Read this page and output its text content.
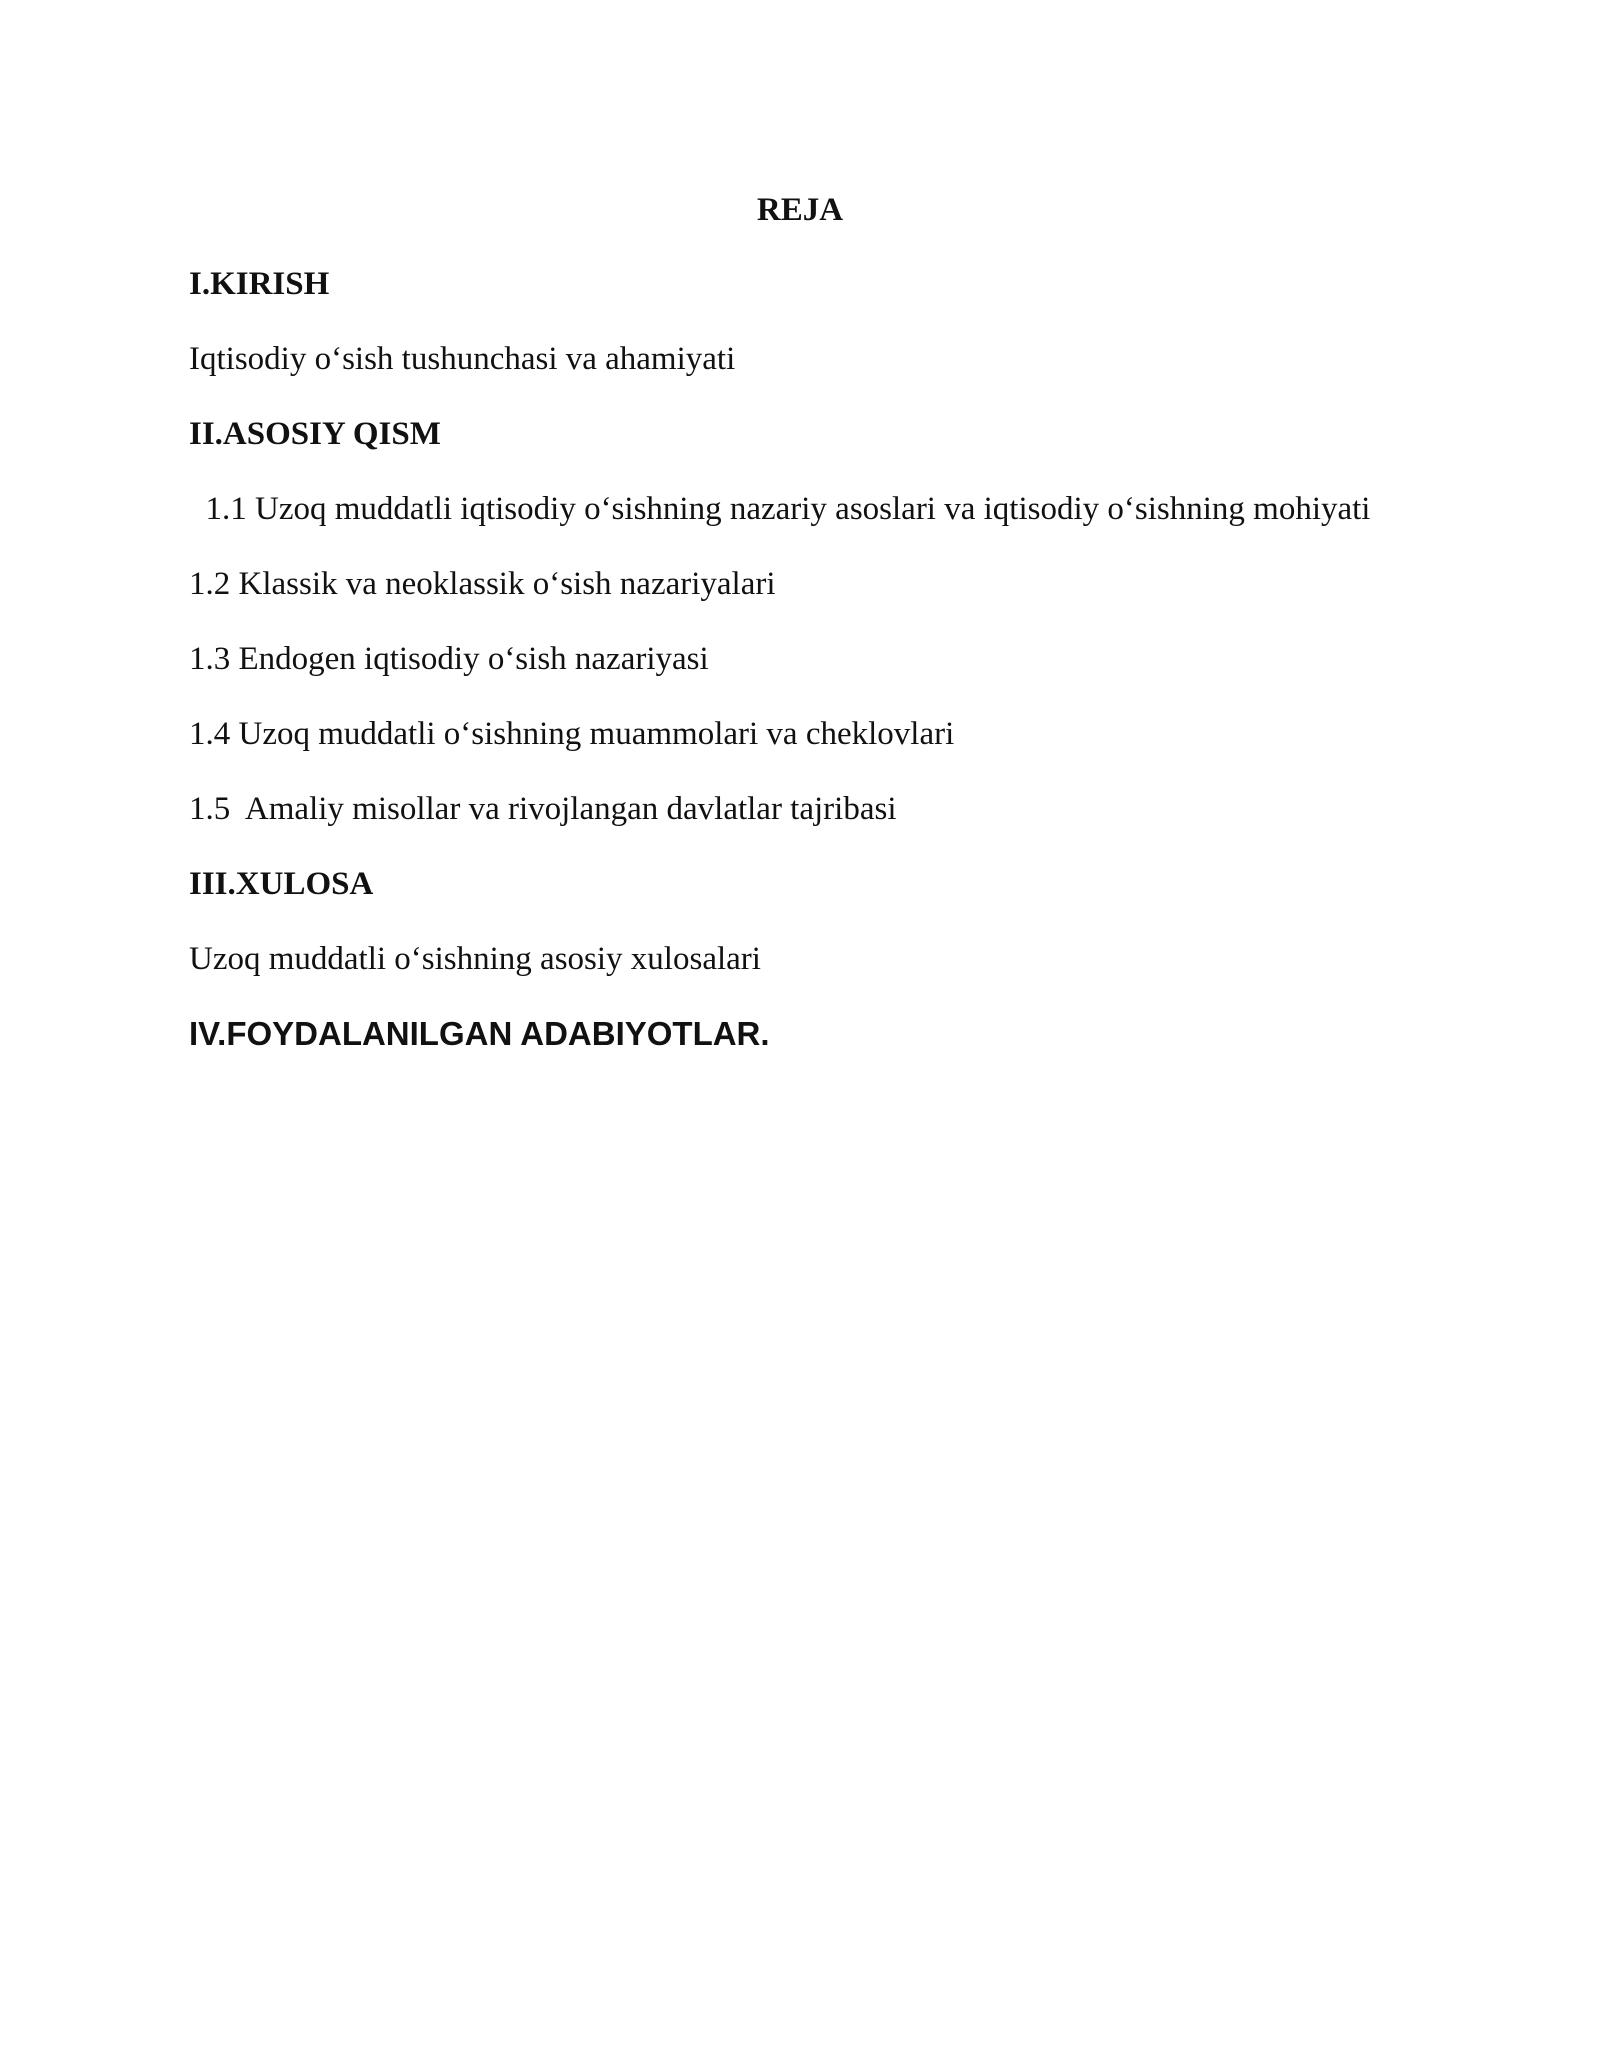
REJA
I.KIRISH
Iqtisodiy o‘sish tushunchasi va ahamiyati
II.ASOSIY QISM
1.1 Uzoq muddatli iqtisodiy o‘sishning nazariy asoslari va iqtisodiy o‘sishning mohiyati
1.2 Klassik va neoklassik o‘sish nazariyalari
1.3 Endogen iqtisodiy o‘sish nazariyasi
1.4 Uzoq muddatli o‘sishning muammolari va cheklovlari
1.5  Amaliy misollar va rivojlangan davlatlar tajribasi
III.XULOSA
Uzoq muddatli o‘sishning asosiy xulosalari
IV.FOYDALANILGAN ADABIYOTLAR.
